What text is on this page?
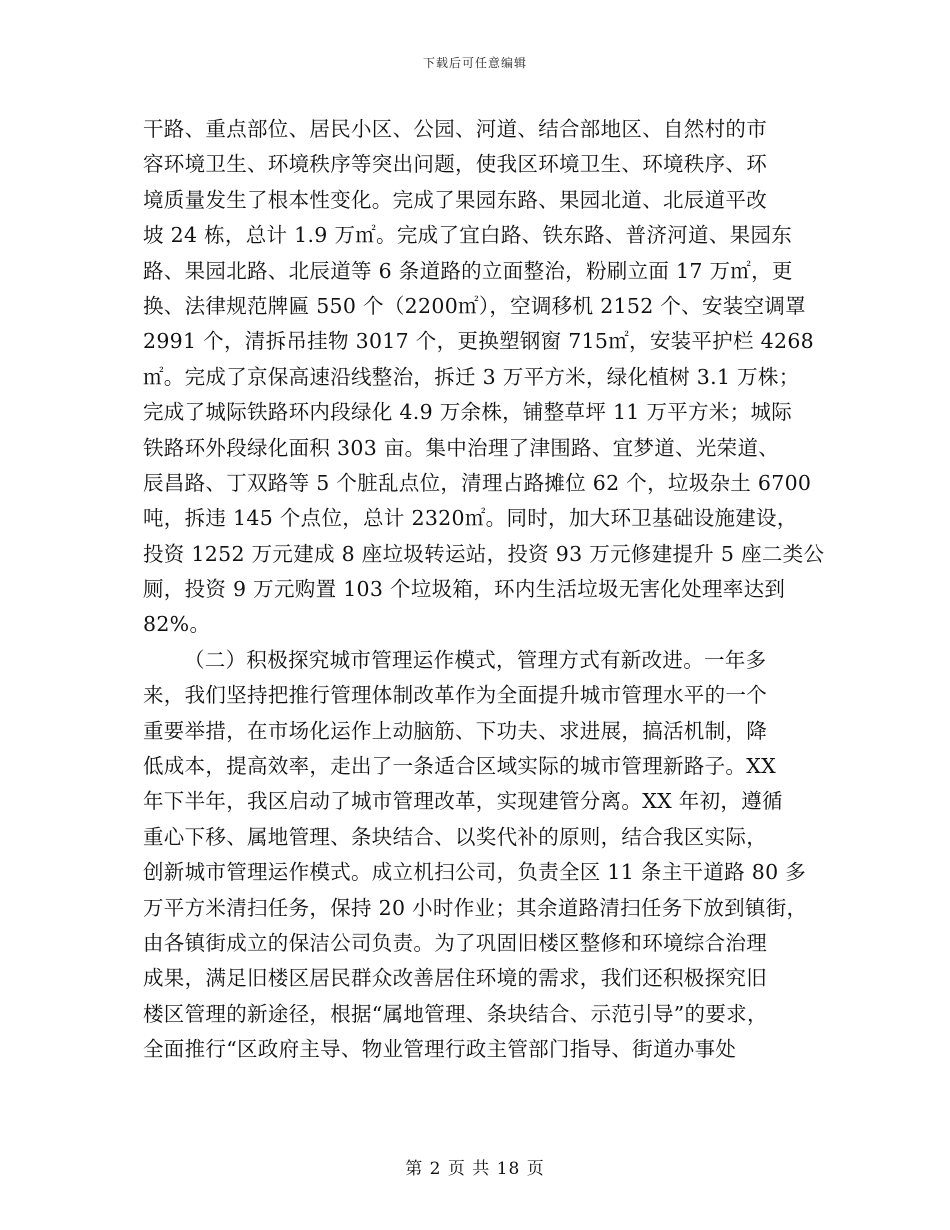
下载后可任意编辑
干路、重点部位、居民小区、公园、河道、结合部地区、自然村的市
容环境卫生、环境秩序等突出问题，使我区环境卫生、环境秩序、环
境质量发生了根本性变化。完成了果园东路、果园北道、北辰道平改
坡 24 栋，总计 1.9 万㎡。完成了宜白路、铁东路、普济河道、果园东
路、果园北路、北辰道等 6 条道路的立面整治，粉刷立面 17 万㎡，更
换、法律规范牌匾 550 个（2200㎡），空调移机 2152 个、安装空调罩
2991 个，清拆吊挂物 3017 个，更换塑钢窗 715㎡，安装平护栏 4268
㎡。完成了京保高速沿线整治，拆迁 3 万平方米，绿化植树 3.1 万株；
完成了城际铁路环内段绿化 4.9 万余株，铺整草坪 11 万平方米；城际
铁路环外段绿化面积 303 亩。集中治理了津围路、宜梦道、光荣道、
辰昌路、丁双路等 5 个脏乱点位，清理占路摊位 62 个，垃圾杂土 6700
吨，拆违 145 个点位，总计 2320㎡。同时，加大环卫基础设施建设，
投资 1252 万元建成 8 座垃圾转运站，投资 93 万元修建提升 5 座二类公
厕，投资 9 万元购置 103 个垃圾箱，环内生活垃圾无害化处理率达到
82%。
（二）积极探究城市管理运作模式，管理方式有新改进。一年多
来，我们坚持把推行管理体制改革作为全面提升城市管理水平的一个
重要举措，在市场化运作上动脑筋、下功夫、求进展，搞活机制，降
低成本，提高效率，走出了一条适合区域实际的城市管理新路子。XX
年下半年，我区启动了城市管理改革，实现建管分离。XX 年初，遵循
重心下移、属地管理、条块结合、以奖代补的原则，结合我区实际，
创新城市管理运作模式。成立机扫公司，负责全区 11 条主干道路 80 多
万平方米清扫任务，保持 20 小时作业；其余道路清扫任务下放到镇街，
由各镇街成立的保洁公司负责。为了巩固旧楼区整修和环境综合治理
成果，满足旧楼区居民群众改善居住环境的需求，我们还积极探究旧
楼区管理的新途径，根据“属地管理、条块结合、示范引导”的要求，
全面推行“区政府主导、物业管理行政主管部门指导、街道办事处
第 2 页 共 18 页
